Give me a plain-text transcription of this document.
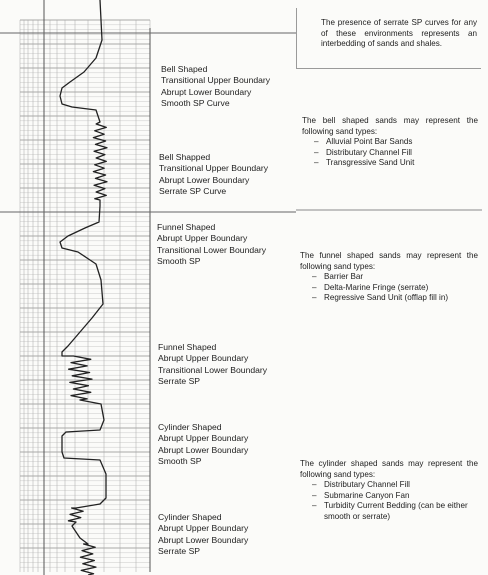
Bell Shaped
Transitional Upper Boundary
Abrupt Lower Boundary
Smooth SP Curve
Bell Shapped
Transitional Upper Boundary
Abrupt Lower Boundary
Serrate SP Curve
Funnel Shaped
Abrupt Upper Boundary
Transitional Lower Boundary
Smooth SP
Funnel Shaped
Abrupt Upper Boundary
Transitional Lower Boundary
Serrate SP
Cylinder Shaped
Abrupt Upper Boundary
Abrupt Lower Boundary
Smooth SP
Cylinder Shaped
Abrupt Upper Boundary
Abrupt Lower Boundary
Serrate SP
The presence of serrate SP curves for any of these environments represents an interbedding of sands and shales.
The bell shaped sands may represent the following sand types:
– Alluvial Point Bar Sands
– Distributary Channel Fill
– Transgressive Sand Unit
The funnel shaped sands may represent the following sand types:
– Barrier Bar
– Delta-Marine Fringe (serrate)
– Regressive Sand Unit (offlap fill in)
The cylinder shaped sands may represent the following sand types:
– Distributary Channel Fill
– Submarine Canyon Fan
– Turbidity Current Bedding (can be either smooth or serrate)
